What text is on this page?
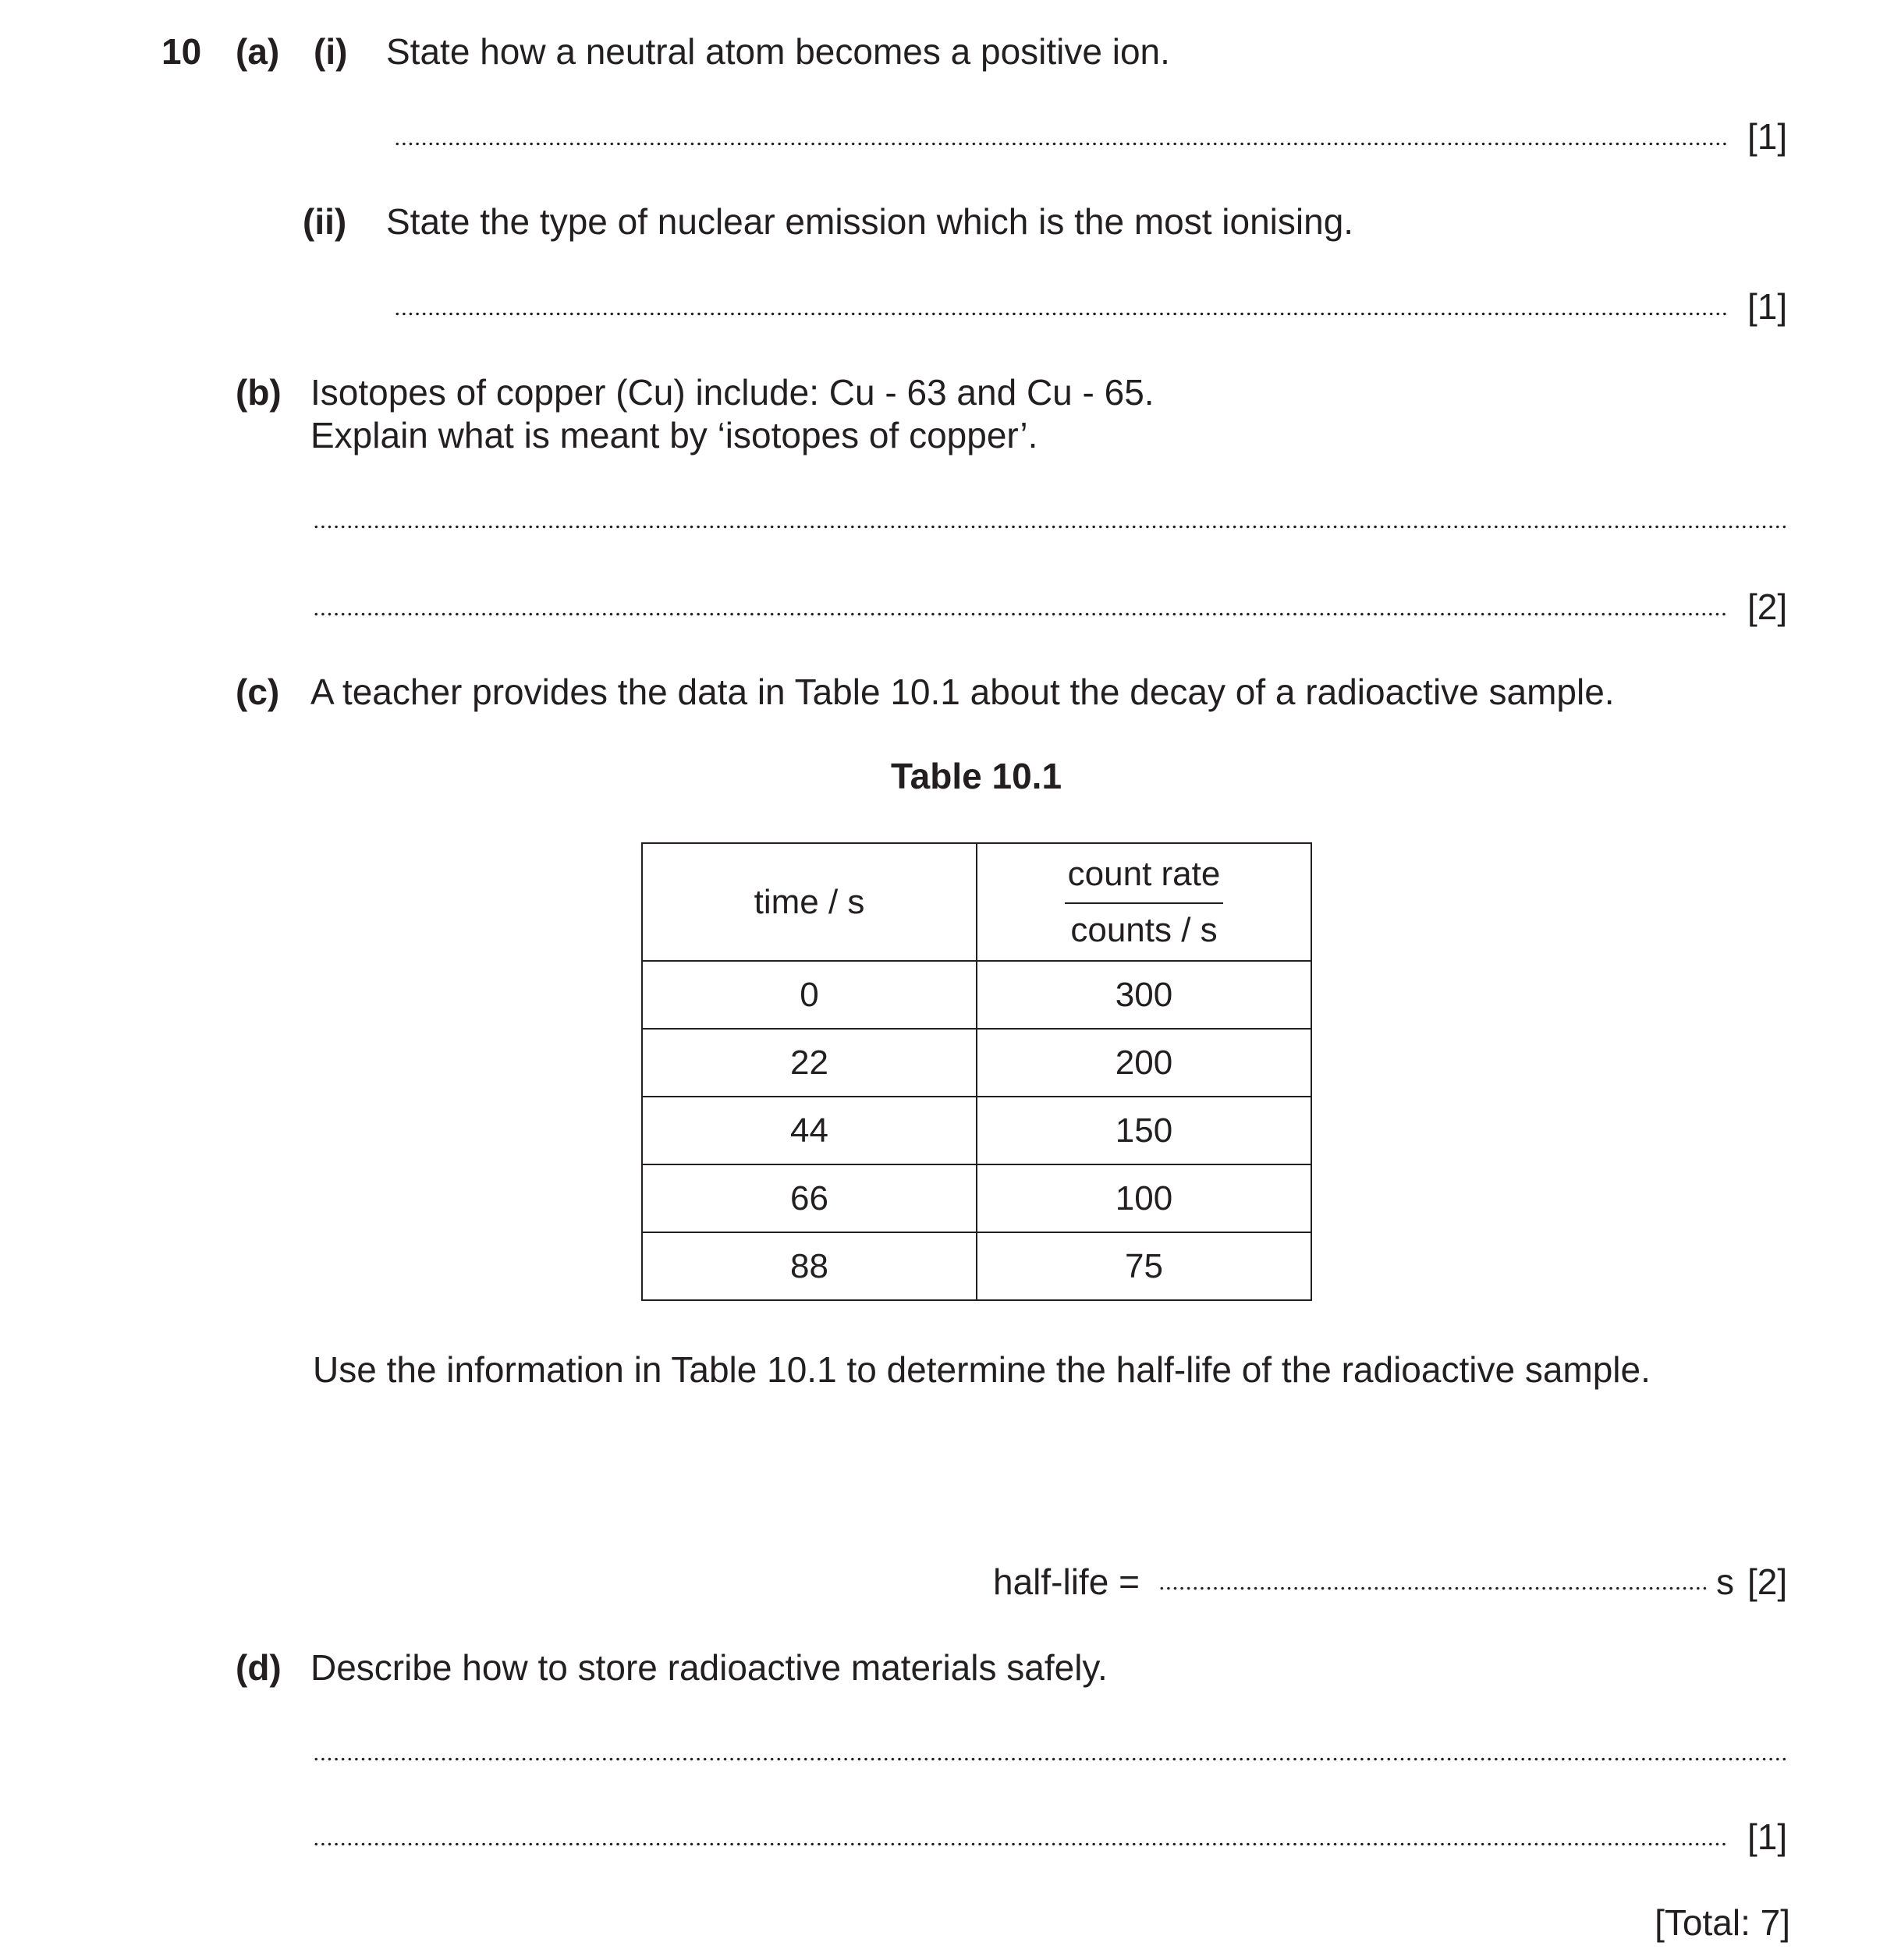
10 (a) (i) State how a neutral atom becomes a positive ion.
[1]
(ii) State the type of nuclear emission which is the most ionising.
[1]
(b) Isotopes of copper (Cu) include: Cu - 63 and Cu - 65.
Explain what is meant by ‘isotopes of copper’.
[2]
(c) A teacher provides the data in Table 10.1 about the decay of a radioactive sample.
Table 10.1
time / s	count rate
counts / s

0	300
22	200
44	150
66	100
88	75
Use the information in Table 10.1 to determine the half-life of the radioactive sample.
half-life =	s [2]
(d) Describe how to store radioactive materials safely.
[1]
[Total: 7]
